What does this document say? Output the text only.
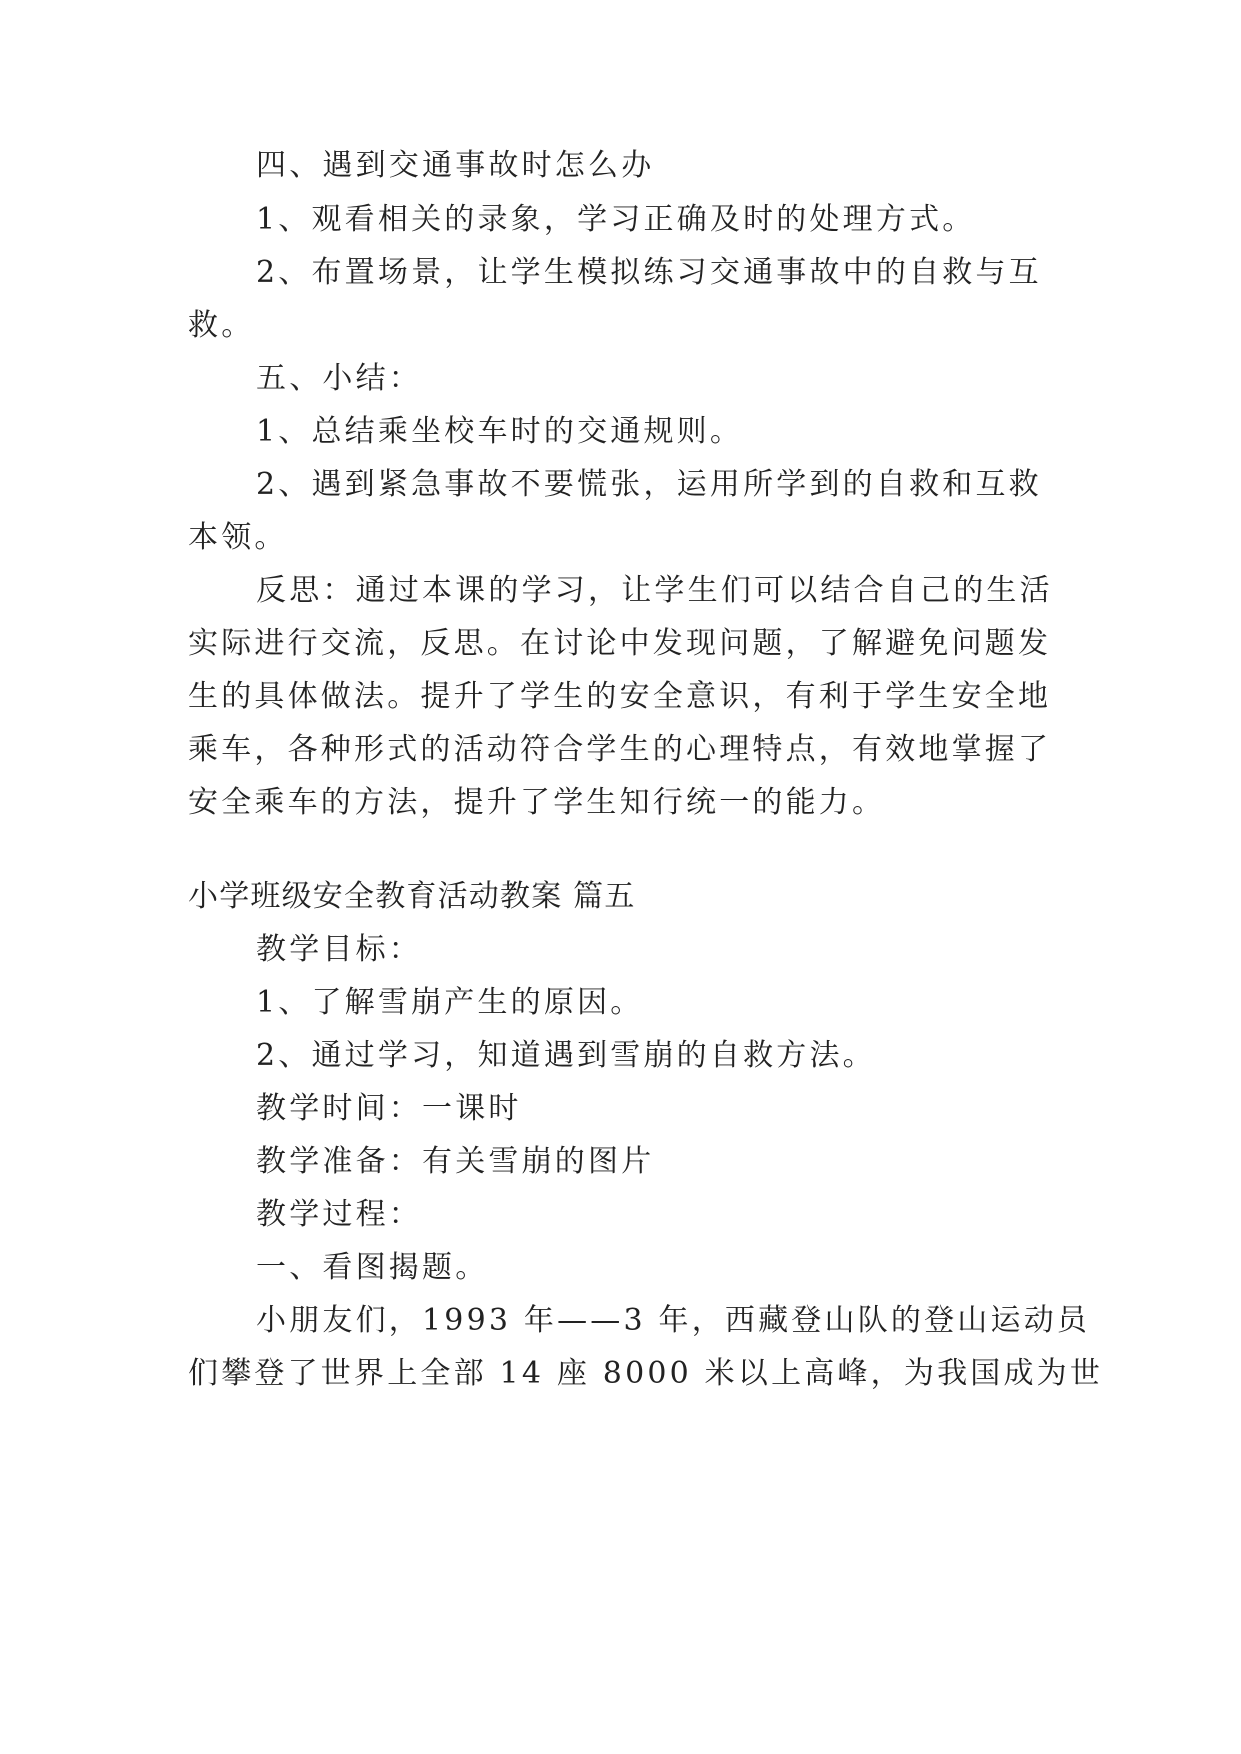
四、遇到交通事故时怎么办
1、观看相关的录象，学习正确及时的处理方式。
2、布置场景，让学生模拟练习交通事故中的自救与互
救。
五、小结：
1、总结乘坐校车时的交通规则。
2、遇到紧急事故不要慌张，运用所学到的自救和互救
本领。
反思：通过本课的学习，让学生们可以结合自己的生活
实际进行交流，反思。在讨论中发现问题，了解避免问题发
生的具体做法。提升了学生的安全意识，有利于学生安全地
乘车，各种形式的活动符合学生的心理特点，有效地掌握了
安全乘车的方法，提升了学生知行统一的能力。
小学班级安全教育活动教案 篇五
教学目标：
1、了解雪崩产生的原因。
2、通过学习，知道遇到雪崩的自救方法。
教学时间：一课时
教学准备：有关雪崩的图片
教学过程：
一、看图揭题。
小朋友们，1993 年——3 年，西藏登山队的登山运动员
们攀登了世界上全部 14 座 8000 米以上高峰，为我国成为世
